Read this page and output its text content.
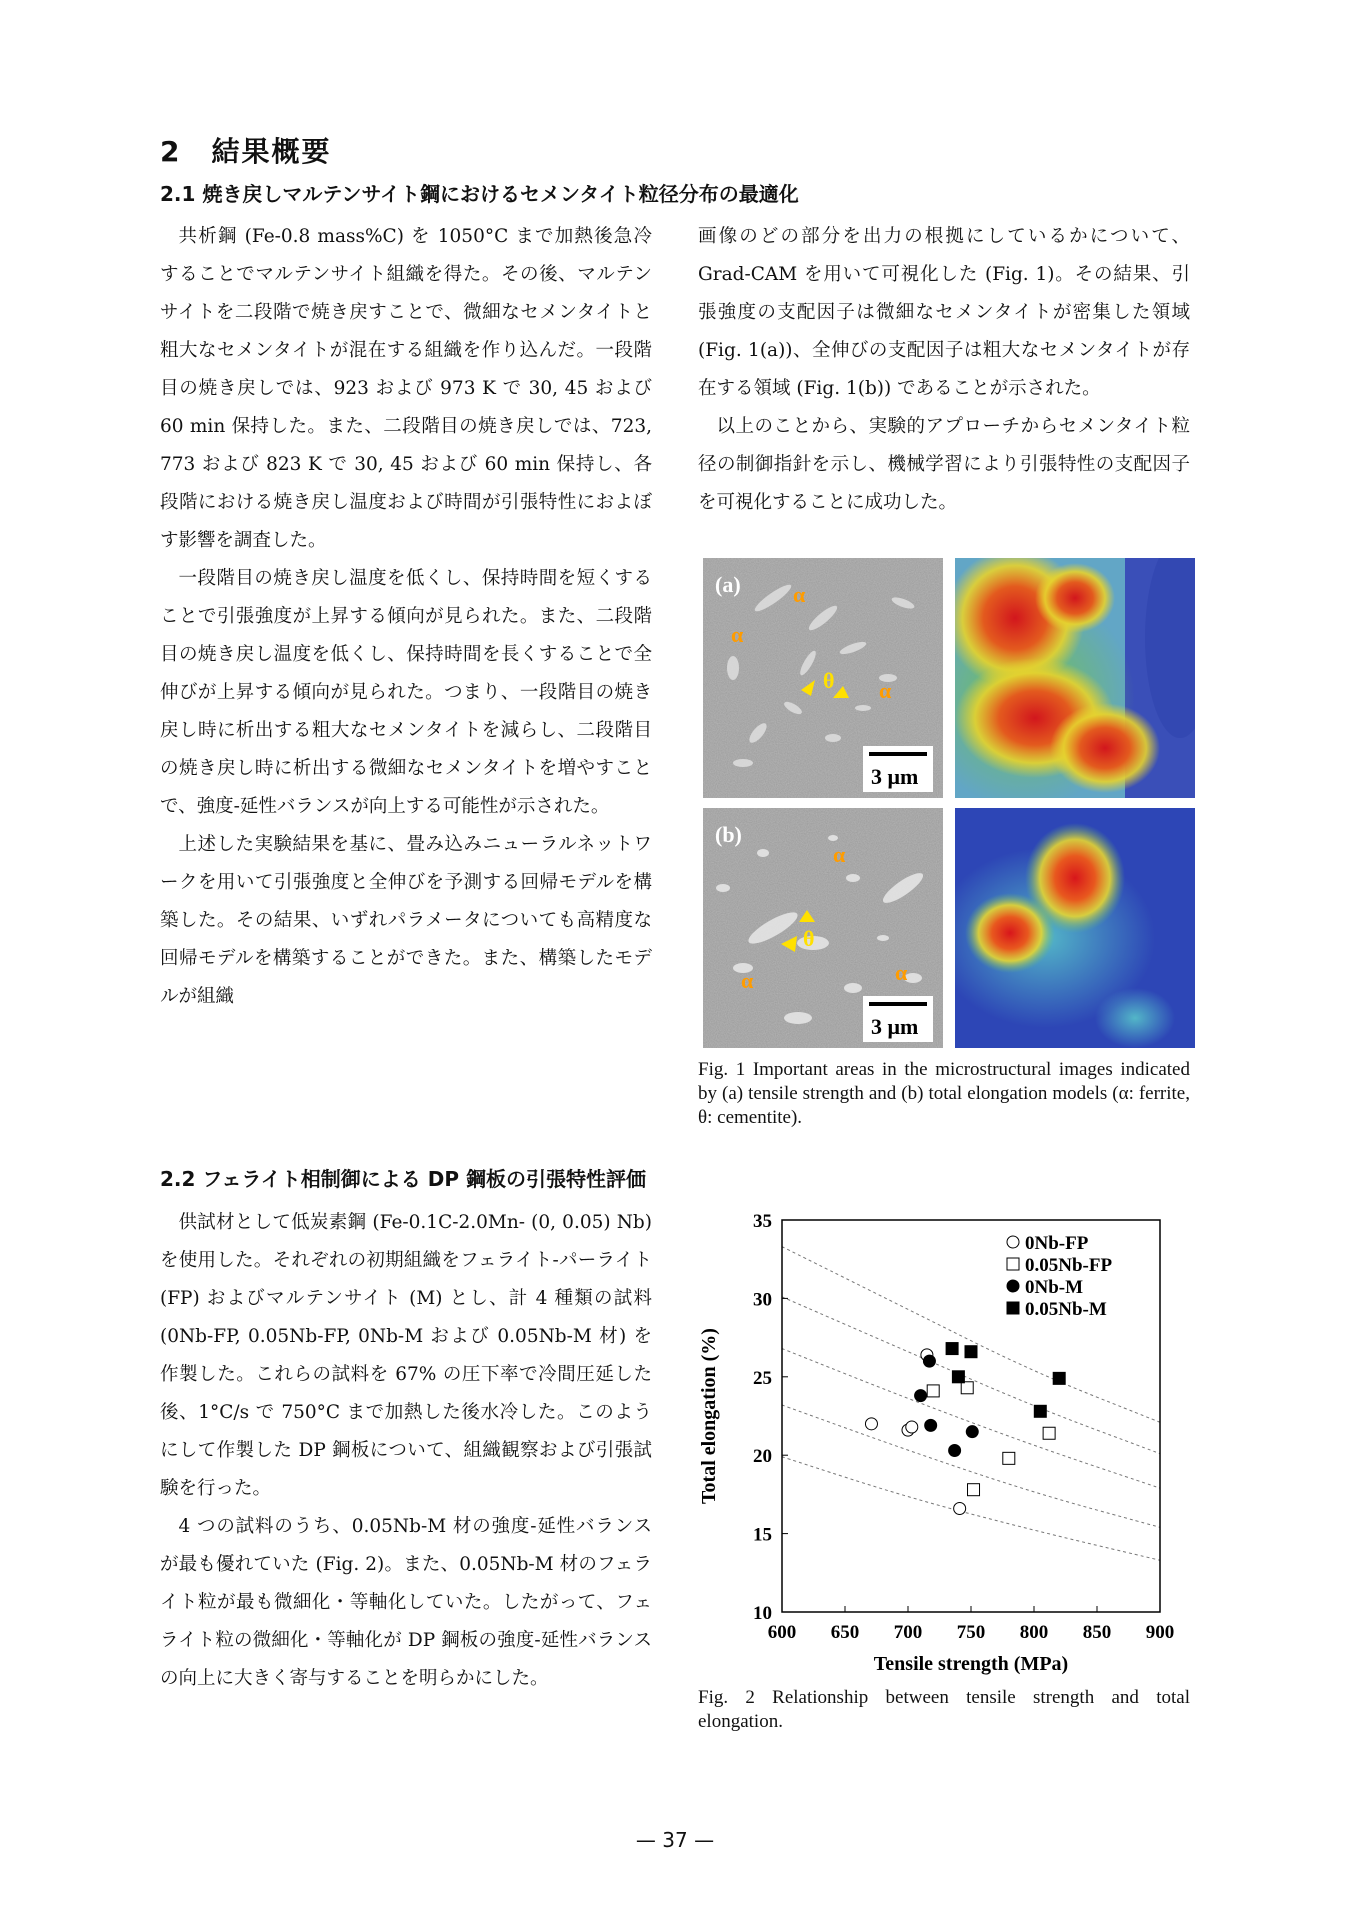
2　結果概要
2.1 焼き戻しマルテンサイト鋼におけるセメンタイト粒径分布の最適化

共析鋼 (Fe-0.8 mass%C) を 1050°C まで加熱後急冷することでマルテンサイト組織を得た。その後、マルテンサイトを二段階で焼き戻すことで、微細なセメンタイトと粗大なセメンタイトが混在する組織を作り込んだ。一段階目の焼き戻しでは、923 および 973 K で 30, 45 および 60 min 保持した。また、二段階目の焼き戻しでは、723, 773 および 823 K で 30, 45 および 60 min 保持し、各段階における焼き戻し温度および時間が引張特性におよぼす影響を調査した。

一段階目の焼き戻し温度を低くし、保持時間を短くすることで引張強度が上昇する傾向が見られた。また、二段階目の焼き戻し温度を低くし、保持時間を長くすることで全伸びが上昇する傾向が見られた。つまり、一段階目の焼き戻し時に析出する粗大なセメンタイトを減らし、二段階目の焼き戻し時に析出する微細なセメンタイトを増やすことで、強度-延性バランスが向上する可能性が示された。

上述した実験結果を基に、畳み込みニューラルネットワークを用いて引張強度と全伸びを予測する回帰モデルを構築した。その結果、いずれパラメータについても高精度な回帰モデルを構築することができた。また、構築したモデルが組織

画像のどの部分を出力の根拠にしているかについて、Grad-CAM を用いて可視化した (Fig. 1)。その結果、引張強度の支配因子は微細なセメンタイトが密集した領域 (Fig. 1(a))、全伸びの支配因子は粗大なセメンタイトが存在する領域 (Fig. 1(b)) であることが示された。

以上のことから、実験的アプローチからセメンタイト粒径の制御指針を示し、機械学習により引張特性の支配因子を可視化することに成功した。

(a) α
α
α
θ
3 μm
(b)
α
α	α
θ
3 μm

Fig. 1 Important areas in the microstructural images indicated by (a) tensile strength and (b) total elongation models (α: ferrite, θ: cementite).

2.2 フェライト相制御による DP 鋼板の引張特性評価

供試材として低炭素鋼 (Fe-0.1C-2.0Mn- (0, 0.05) Nb) を使用した。それぞれの初期組織をフェライト-パーライト (FP) およびマルテンサイト (M) とし、計 4 種類の試料 (0Nb-FP, 0.05Nb-FP, 0Nb-M および 0.05Nb-M 材) を作製した。これらの試料を 67% の圧下率で冷間圧延した後、1°C/s で 750°C まで加熱した後水冷した。このようにして作製した DP 鋼板について、組織観察および引張試験を行った。

4 つの試料のうち、0.05Nb-M 材の強度-延性バランスが最も優れていた (Fig. 2)。また、0.05Nb-M 材のフェライト粒が最も微細化・等軸化していた。したがって、フェライト粒の微細化・等軸化が DP 鋼板の強度-延性バランスの向上に大きく寄与することを明らかにした。

600 650 700 750 800 850 900
10
15
20
25
30
35
0Nb-FP
0.05Nb-FP
0Nb-M
0.05Nb-M
Tensile strength (MPa)
Total elongation (%)

Fig. 2 Relationship between tensile strength and total elongation.

— 37 —
